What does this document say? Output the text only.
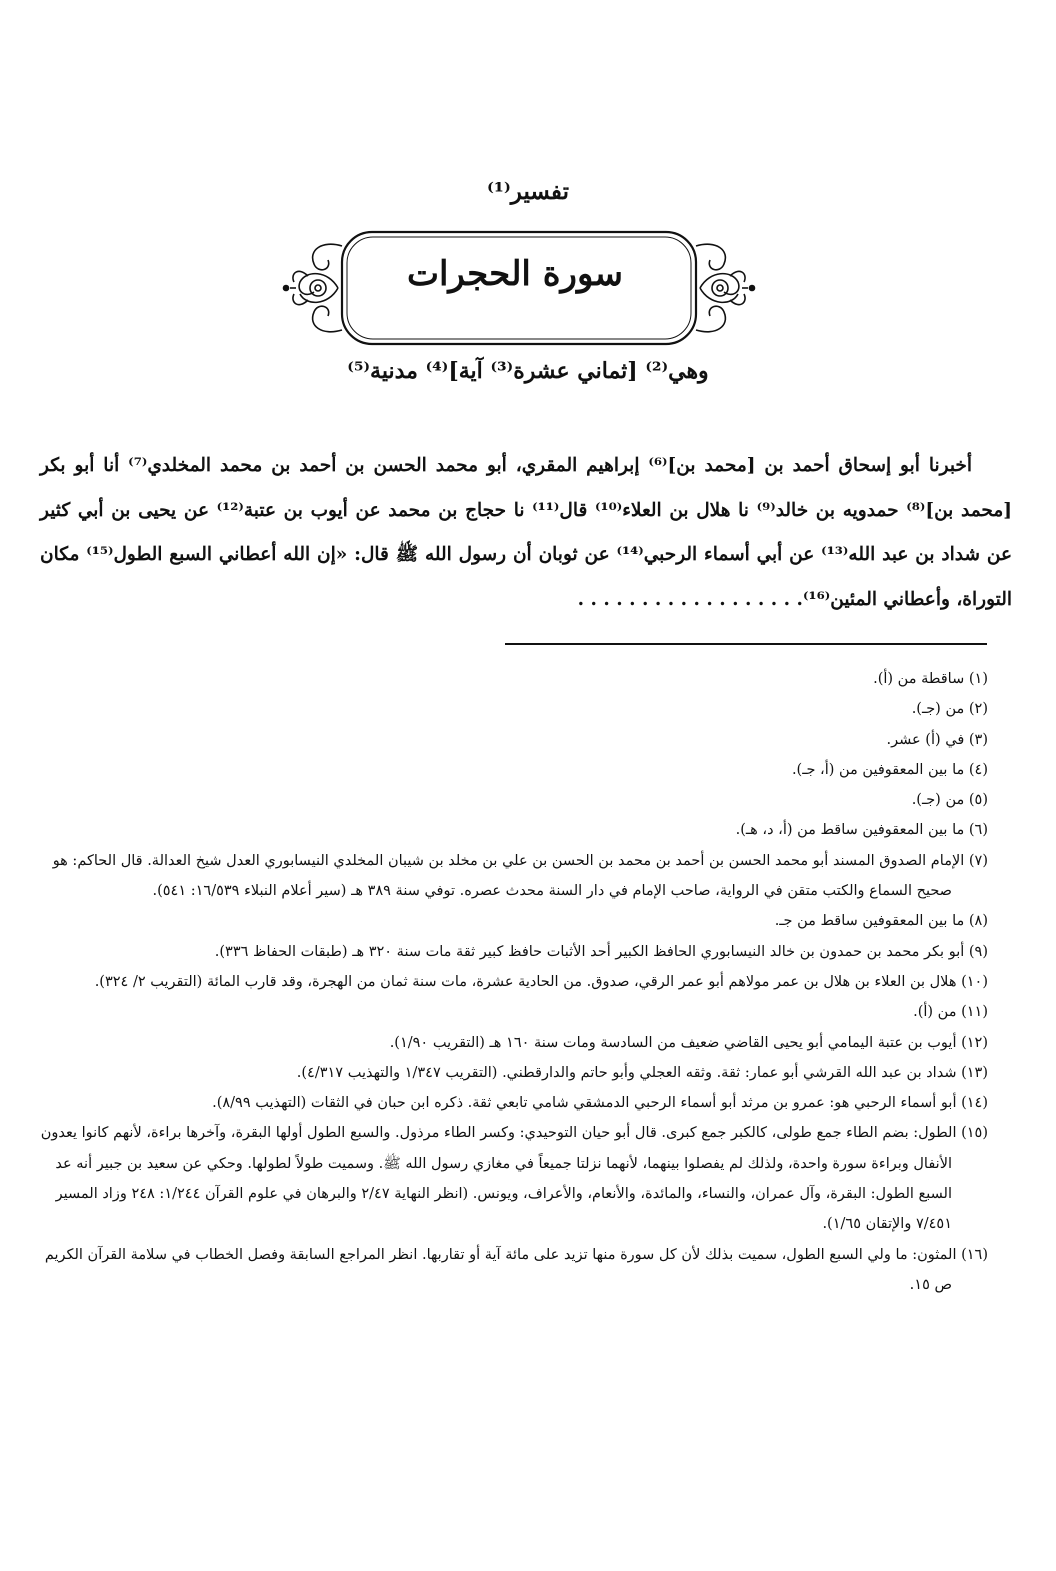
تفسير⁽¹⁾
سورة الحجرات
وهي⁽²⁾ [ثماني عشرة⁽³⁾ آية]⁽⁴⁾ مدنية⁽⁵⁾

أخبرنا أبو إسحاق أحمد بن [محمد بن]⁽⁶⁾ إبراهيم المقري، أبو محمد الحسن بن أحمد بن محمد المخلدي⁽⁷⁾ أنا أبو بكر [محمد بن]⁽⁸⁾ حمدويه بن خالد⁽⁹⁾ نا هلال بن العلاء⁽¹⁰⁾ قال⁽¹¹⁾ نا حجاج بن محمد عن أيوب بن عتبة⁽¹²⁾ عن يحيى بن أبي كثير عن شداد بن عبد الله⁽¹³⁾ عن أبي أسماء الرحبي⁽¹⁴⁾ عن ثوبان أن رسول الله ﷺ قال: «إن الله أعطاني السبع الطول⁽¹⁵⁾ مكان التوراة، وأعطاني المئين⁽¹⁶⁾. . . . . . . . . . . . . . . . . .

(١) ساقطة من (أ).
(٢) من (جـ).
(٣) في (أ) عشر.
(٤) ما بين المعقوفين من (أ، جـ).
(٥) من (جـ).
(٦) ما بين المعقوفين ساقط من (أ، د، هـ).
(٧) الإمام الصدوق المسند أبو محمد الحسن بن أحمد بن محمد بن الحسن بن علي بن مخلد بن شيبان المخلدي النيسابوري العدل شيخ العدالة. قال الحاكم: هو صحيح السماع والكتب متقن في الرواية، صاحب الإمام في دار السنة محدث عصره. توفي سنة ٣٨٩ هـ (سير أعلام النبلاء ١٦/٥٣٩: ٥٤١).
(٨) ما بين المعقوفين ساقط من جـ.
(٩) أبو بكر محمد بن حمدون بن خالد النيسابوري الحافظ الكبير أحد الأثبات حافظ كبير ثقة مات سنة ٣٢٠ هـ (طبقات الحفاظ ٣٣٦).
(١٠) هلال بن العلاء بن هلال بن عمر مولاهم أبو عمر الرقي، صدوق. من الحادية عشرة، مات سنة ثمان من الهجرة، وقد قارب المائة (التقريب ٢/ ٣٢٤).
(١١) من (أ).
(١٢) أيوب بن عتبة اليمامي أبو يحيى القاضي ضعيف من السادسة ومات سنة ١٦٠ هـ (التقريب ١/٩٠).
(١٣) شداد بن عبد الله القرشي أبو عمار: ثقة. وثقه العجلي وأبو حاتم والدارقطني. (التقريب ١/٣٤٧ والتهذيب ٤/٣١٧).
(١٤) أبو أسماء الرحبي هو: عمرو بن مرثد أبو أسماء الرحبي الدمشقي شامي تابعي ثقة. ذكره ابن حبان في الثقات (التهذيب ٨/٩٩).
(١٥) الطول: بضم الطاء جمع طولى، كالكبر جمع كبرى. قال أبو حيان التوحيدي: وكسر الطاء مرذول. والسبع الطول أولها البقرة، وآخرها براءة، لأنهم كانوا يعدون الأنفال وبراءة سورة واحدة، ولذلك لم يفصلوا بينهما، لأنهما نزلتا جميعاً في مغازي رسول الله ﷺ. وسميت طولاً لطولها. وحكي عن سعيد بن جبير أنه عد السبع الطول: البقرة، وآل عمران، والنساء، والمائدة، والأنعام، والأعراف، ويونس. (انظر النهاية ٢/٤٧ والبرهان في علوم القرآن ١/٢٤٤: ٢٤٨ وزاد المسير ٧/٤٥١ والإتقان ١/٦٥).
(١٦) المثون: ما ولي السبع الطول، سميت بذلك لأن كل سورة منها تزيد على مائة آية أو تقاربها. انظر المراجع السابقة وفصل الخطاب في سلامة القرآن الكريم ص ١٥.
